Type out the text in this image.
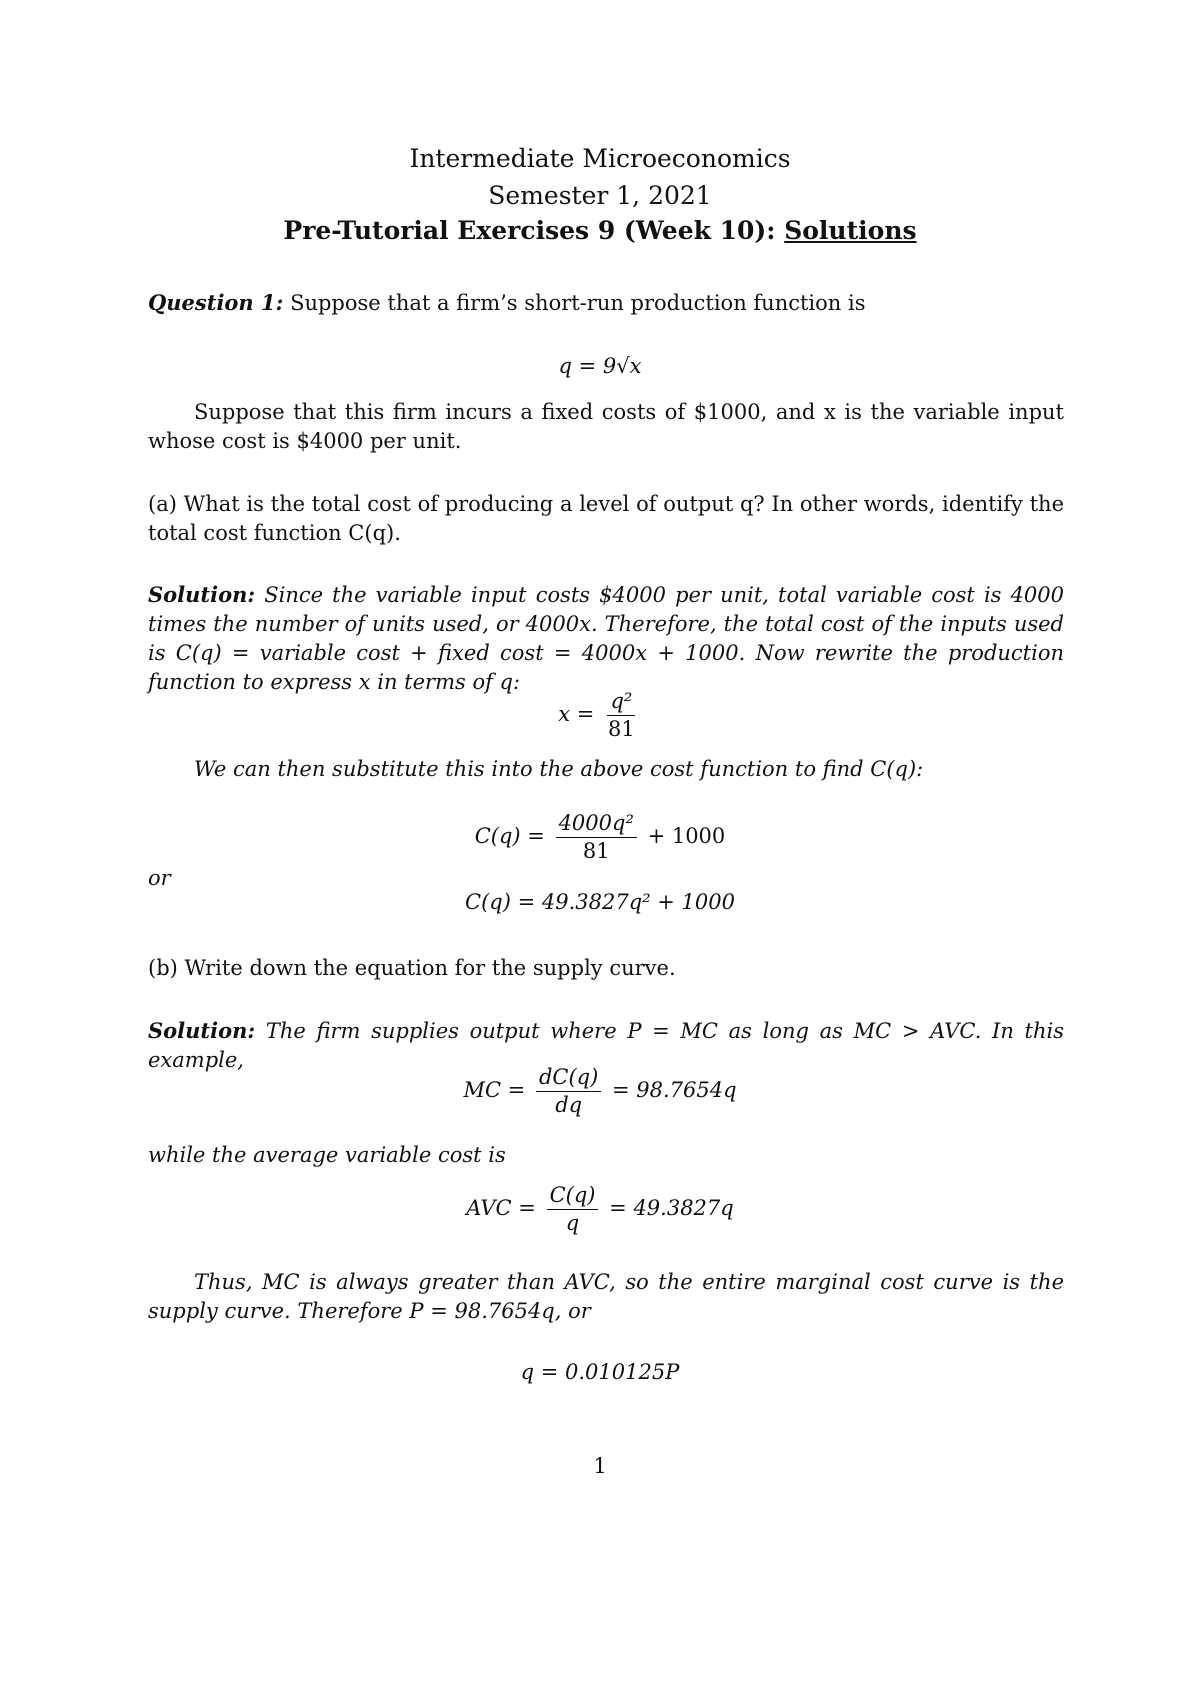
Intermediate Microeconomics
Semester 1, 2021
Pre-Tutorial Exercises 9 (Week 10): Solutions
Question 1: Suppose that a firm’s short-run production function is
q = 9√x
Suppose that this firm incurs a fixed costs of $1000, and x is the variable input whose cost is $4000 per unit.
(a) What is the total cost of producing a level of output q? In other words, identify the total cost function C(q).
Solution: Since the variable input costs $4000 per unit, total variable cost is 4000 times the number of units used, or 4000x. Therefore, the total cost of the inputs used is C(q) = variable cost + fixed cost = 4000x + 1000. Now rewrite the production function to express x in terms of q:
$x = \frac{\text{q²}}{81}$
We can then substitute this into the above cost function to find C(q):
$C(q) = \frac{\text{4000q²}}{81} + 1000$
or
C(q) = 49.3827q² + 1000
(b) Write down the equation for the supply curve.
Solution: The firm supplies output where P = MC as long as MC > AVC. In this example,
MC = $\frac{dC(q)}{dq} = 98.7654q$
while the average variable cost is
AVC = $\frac{C(q)}{q} = 49.3827q$
Thus, MC is always greater than AVC, so the entire marginal cost curve is the supply curve. Therefore P = 98.7654q, or
q = 0.010125P
1
